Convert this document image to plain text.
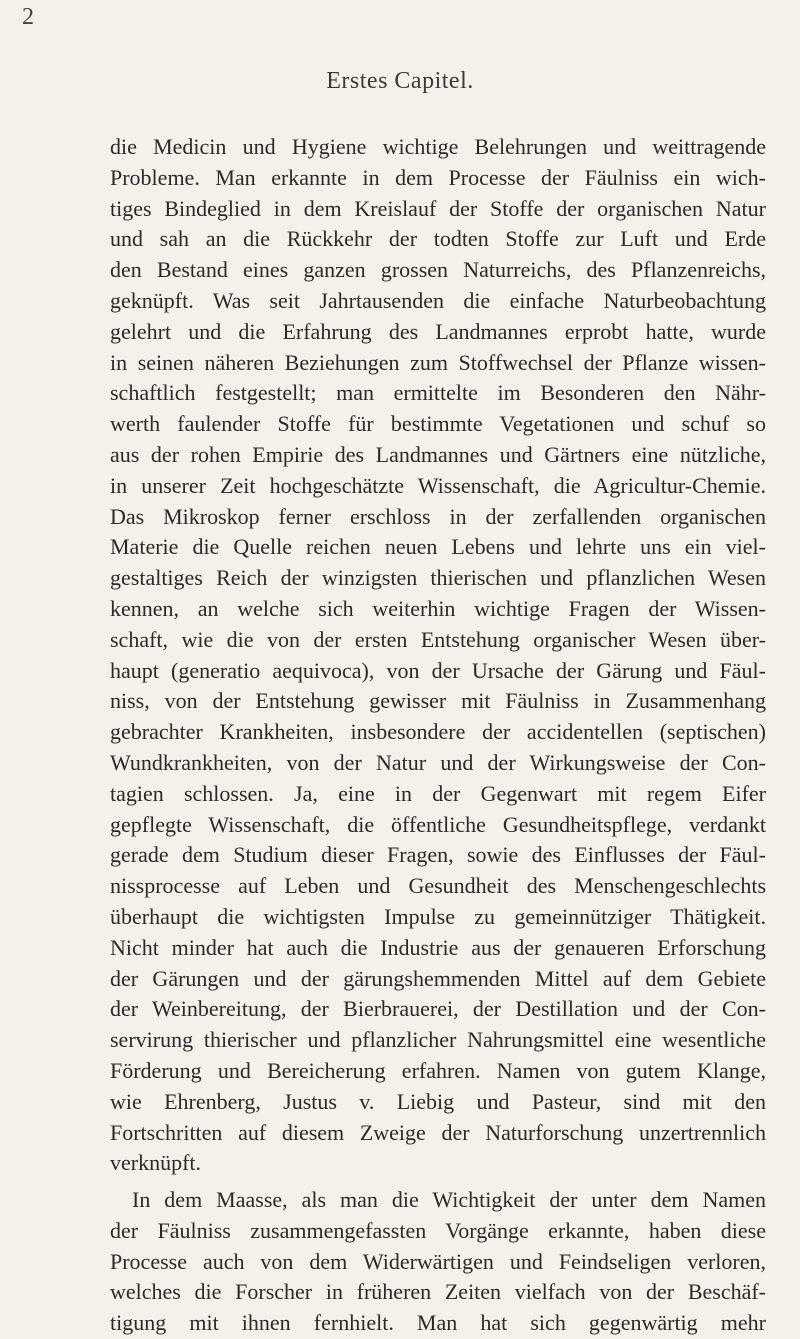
2
Erstes Capitel.
die Medicin und Hygiene wichtige Belehrungen und weittragende
Probleme. Man erkannte in dem Processe der Fäulniss ein wich-
tiges Bindeglied in dem Kreislauf der Stoffe der organischen Natur
und sah an die Rückkehr der todten Stoffe zur Luft und Erde
den Bestand eines ganzen grossen Naturreichs, des Pflanzenreichs,
geknüpft. Was seit Jahrtausenden die einfache Naturbeobachtung
gelehrt und die Erfahrung des Landmannes erprobt hatte, wurde
in seinen näheren Beziehungen zum Stoffwechsel der Pflanze wissen-
schaftlich festgestellt; man ermittelte im Besonderen den Nähr-
werth faulender Stoffe für bestimmte Vegetationen und schuf so
aus der rohen Empirie des Landmannes und Gärtners eine nützliche,
in unserer Zeit hochgeschätzte Wissenschaft, die Agricultur-Chemie.
Das Mikroskop ferner erschloss in der zerfallenden organischen
Materie die Quelle reichen neuen Lebens und lehrte uns ein viel-
gestaltiges Reich der winzigsten thierischen und pflanzlichen Wesen
kennen, an welche sich weiterhin wichtige Fragen der Wissen-
schaft, wie die von der ersten Entstehung organischer Wesen über-
haupt (generatio aequivoca), von der Ursache der Gärung und Fäul-
niss, von der Entstehung gewisser mit Fäulniss in Zusammenhang
gebrachter Krankheiten, insbesondere der accidentellen (septischen)
Wundkrankheiten, von der Natur und der Wirkungsweise der Con-
tagien schlossen. Ja, eine in der Gegenwart mit regem Eifer
gepflegte Wissenschaft, die öffentliche Gesundheitspflege, verdankt
gerade dem Studium dieser Fragen, sowie des Einflusses der Fäul-
nissprocesse auf Leben und Gesundheit des Menschengeschlechts
überhaupt die wichtigsten Impulse zu gemeinnütziger Thätigkeit.
Nicht minder hat auch die Industrie aus der genaueren Erforschung
der Gärungen und der gärungshemmenden Mittel auf dem Gebiete
der Weinbereitung, der Bierbrauerei, der Destillation und der Con-
servirung thierischer und pflanzlicher Nahrungsmittel eine wesentliche
Förderung und Bereicherung erfahren. Namen von gutem Klange,
wie Ehrenberg, Justus v. Liebig und Pasteur, sind mit den
Fortschritten auf diesem Zweige der Naturforschung unzertrennlich
verknüpft.
In dem Maasse, als man die Wichtigkeit der unter dem Namen
der Fäulniss zusammengefassten Vorgänge erkannte, haben diese
Processe auch von dem Widerwärtigen und Feindseligen verloren,
welches die Forscher in früheren Zeiten vielfach von der Beschäf-
tigung mit ihnen fernhielt. Man hat sich gegenwärtig mehr
